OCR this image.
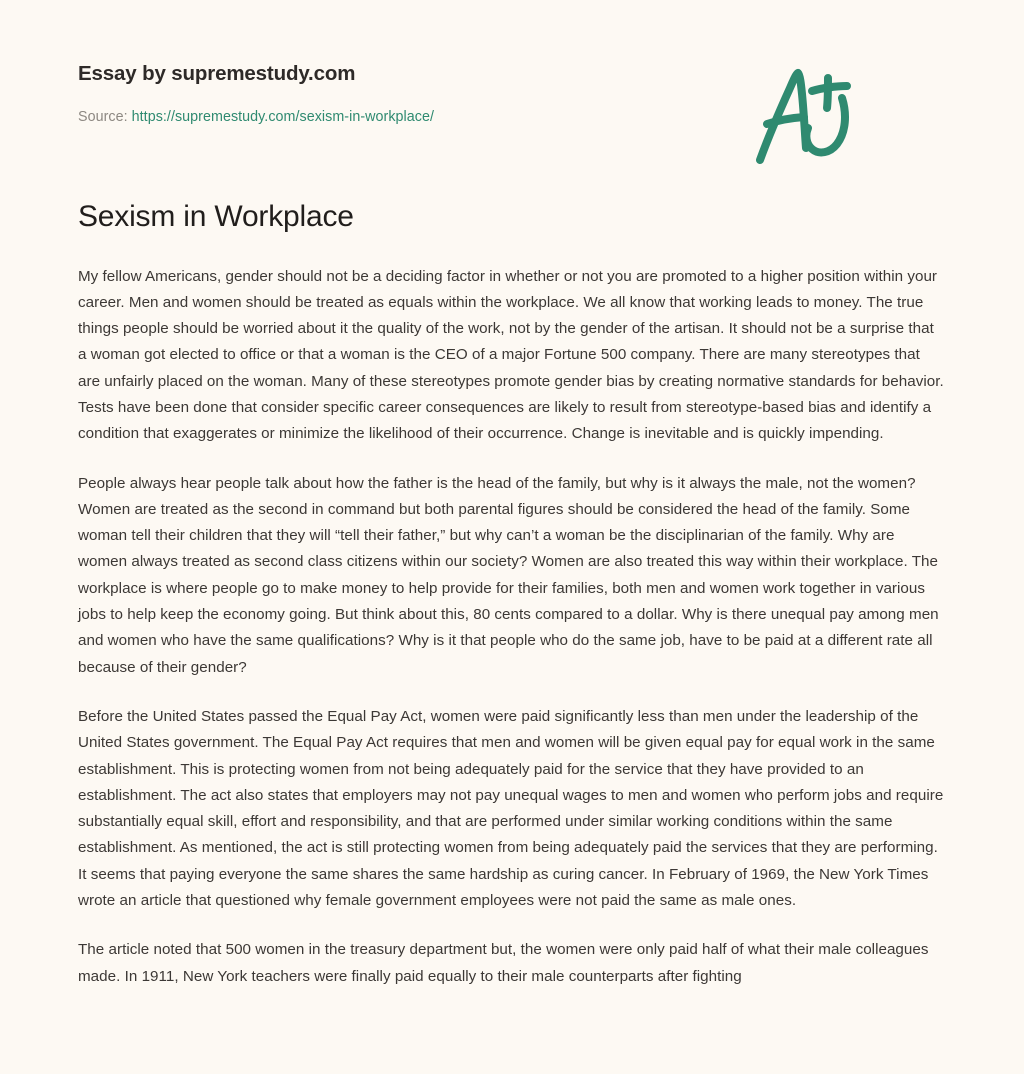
Essay by supremestudy.com

Source: https://supremestudy.com/sexism-in-workplace/

Sexism in Workplace

My fellow Americans, gender should not be a deciding factor in whether or not you are promoted to a higher position within your career. Men and women should be treated as equals within the workplace. We all know that working leads to money. The true things people should be worried about it the quality of the work, not by the gender of the artisan. It should not be a surprise that a woman got elected to office or that a woman is the CEO of a major Fortune 500 company. There are many stereotypes that are unfairly placed on the woman. Many of these stereotypes promote gender bias by creating normative standards for behavior. Tests have been done that consider specific career consequences are likely to result from stereotype-based bias and identify a condition that exaggerates or minimize the likelihood of their occurrence. Change is inevitable and is quickly impending.

People always hear people talk about how the father is the head of the family, but why is it always the male, not the women? Women are treated as the second in command but both parental figures should be considered the head of the family. Some woman tell their children that they will “tell their father,” but why can’t a woman be the disciplinarian of the family. Why are women always treated as second class citizens within our society? Women are also treated this way within their workplace. The workplace is where people go to make money to help provide for their families, both men and women work together in various jobs to help keep the economy going. But think about this, 80 cents compared to a dollar. Why is there unequal pay among men and women who have the same qualifications? Why is it that people who do the same job, have to be paid at a different rate all because of their gender?

Before the United States passed the Equal Pay Act, women were paid significantly less than men under the leadership of the United States government. The Equal Pay Act requires that men and women will be given equal pay for equal work in the same establishment. This is protecting women from not being adequately paid for the service that they have provided to an establishment. The act also states that employers may not pay unequal wages to men and women who perform jobs and require substantially equal skill, effort and responsibility, and that are performed under similar working conditions within the same establishment. As mentioned, the act is still protecting women from being adequately paid the services that they are performing. It seems that paying everyone the same shares the same hardship as curing cancer. In February of 1969, the New York Times wrote an article that questioned why female government employees were not paid the same as male ones.

The article noted that 500 women in the treasury department but, the women were only paid half of what their male colleagues made. In 1911, New York teachers were finally paid equally to their male counterparts after fighting
